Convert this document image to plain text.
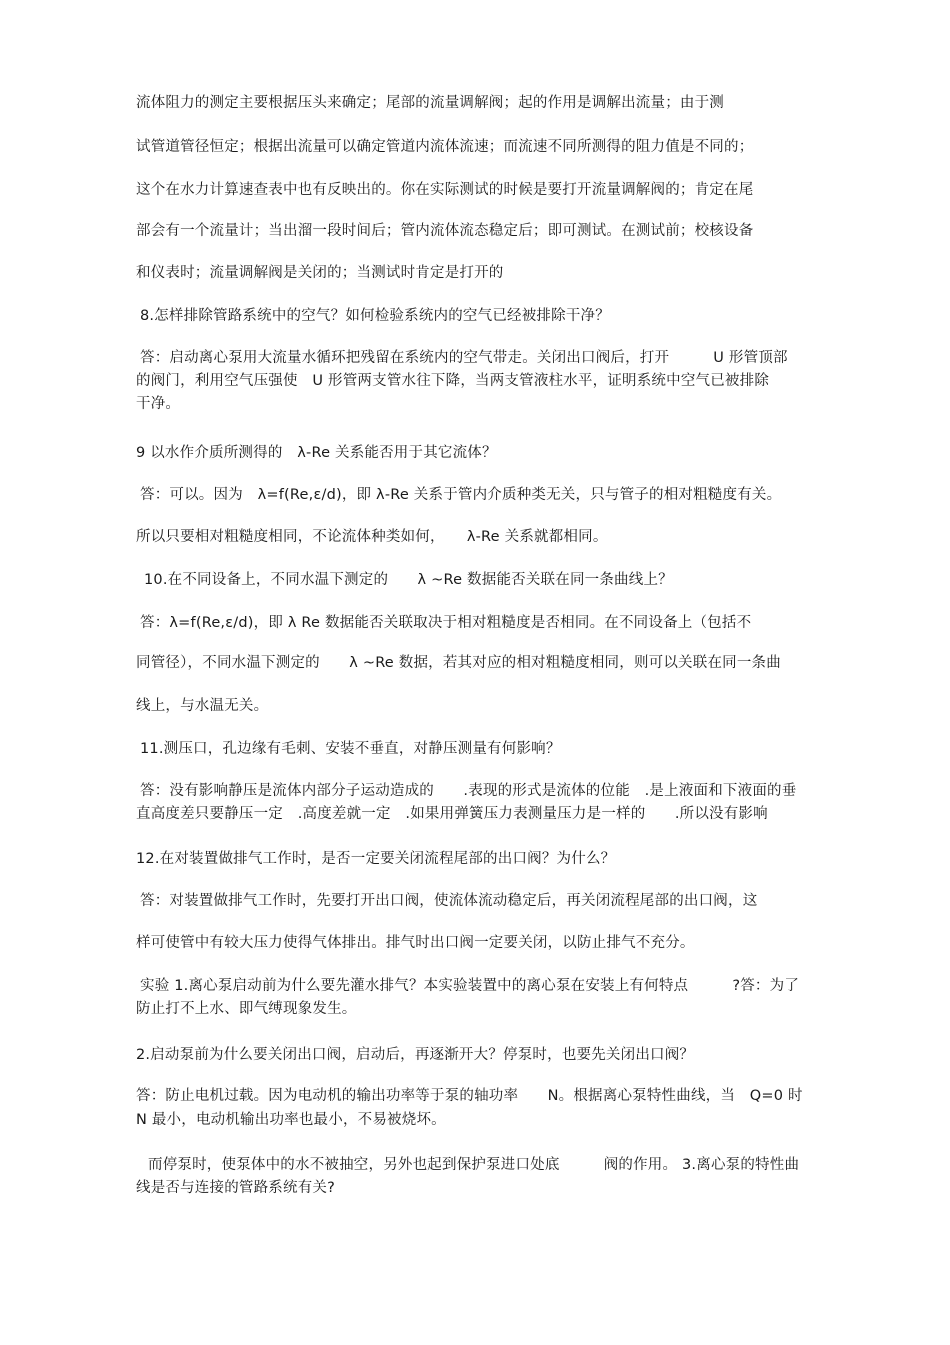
流体阻力的测定主要根据压头来确定；尾部的流量调解阀；起的作用是调解出流量；由于测
试管道管径恒定；根据出流量可以确定管道内流体流速；而流速不同所测得的阻力值是不同的；
这个在水力计算速查表中也有反映出的。你在实际测试的时候是要打开流量调解阀的；肯定在尾
部会有一个流量计；当出溜一段时间后；管内流体流态稳定后；即可测试。在测试前；校核设备
和仪表时；流量调解阀是关闭的；当测试时肯定是打开的
8.怎样排除管路系统中的空气？如何检验系统内的空气已经被排除干净？
答：启动离心泵用大流量水循环把残留在系统内的空气带走。关闭出口阀后，打开　　　U 形管顶部
的阀门，利用空气压强使　U 形管两支管水往下降，当两支管液柱水平，证明系统中空气已被排除
干净。
9 以水作介质所测得的　λ-Re 关系能否用于其它流体？
答：可以。因为　λ=f(Re,ε/d)，即 λ-Re 关系于管内介质种类无关，只与管子的相对粗糙度有关。
所以只要相对粗糙度相同，不论流体种类如何，　　λ-Re 关系就都相同。
10.在不同设备上，不同水温下测定的　　λ ~Re 数据能否关联在同一条曲线上？
答：λ=f(Re,ε/d)，即 λ Re 数据能否关联取决于相对粗糙度是否相同。在不同设备上（包括不
同管径），不同水温下测定的　　λ ~Re 数据，若其对应的相对粗糙度相同，则可以关联在同一条曲
线上，与水温无关。
11.测压口，孔边缘有毛刺、安装不垂直，对静压测量有何影响？
答：没有影响静压是流体内部分子运动造成的　　.表现的形式是流体的位能　.是上液面和下液面的垂
直高度差只要静压一定　.高度差就一定　.如果用弹簧压力表测量压力是一样的　　.所以没有影响
12.在对装置做排气工作时，是否一定要关闭流程尾部的出口阀？为什么？
答：对装置做排气工作时，先要打开出口阀，使流体流动稳定后，再关闭流程尾部的出口阀，这
样可使管中有较大压力使得气体排出。排气时出口阀一定要关闭，以防止排气不充分。
实验 1.离心泵启动前为什么要先灌水排气？本实验装置中的离心泵在安装上有何特点　　　?答：为了
防止打不上水、即气缚现象发生。
2.启动泵前为什么要关闭出口阀，启动后，再逐渐开大？停泵时，也要先关闭出口阀？
答：防止电机过载。因为电动机的输出功率等于泵的轴功率　　N。根据离心泵特性曲线，当　Q=0 时
N 最小，电动机输出功率也最小，不易被烧坏。
而停泵时，使泵体中的水不被抽空，另外也起到保护泵进口处底　　　阀的作用。 3.离心泵的特性曲
线是否与连接的管路系统有关?
